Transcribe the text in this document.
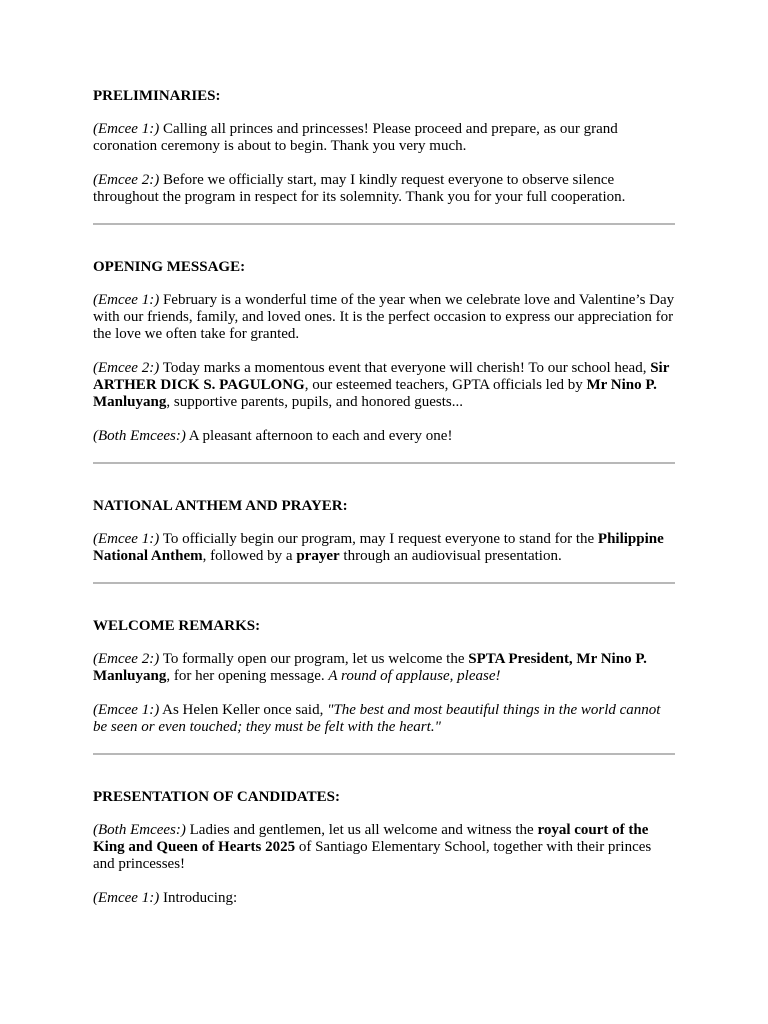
PRELIMINARIES:

(Emcee 1:) Calling all princes and princesses! Please proceed and prepare, as our grand coronation ceremony is about to begin. Thank you very much.

(Emcee 2:) Before we officially start, may I kindly request everyone to observe silence throughout the program in respect for its solemnity. Thank you for your full cooperation.

OPENING MESSAGE:

(Emcee 1:) February is a wonderful time of the year when we celebrate love and Valentine’s Day with our friends, family, and loved ones. It is the perfect occasion to express our appreciation for the love we often take for granted.

(Emcee 2:) Today marks a momentous event that everyone will cherish! To our school head, Sir ARTHER DICK S. PAGULONG, our esteemed teachers, GPTA officials led by Mr Nino P. Manluyang, supportive parents, pupils, and honored guests...

(Both Emcees:) A pleasant afternoon to each and every one!

NATIONAL ANTHEM AND PRAYER:

(Emcee 1:) To officially begin our program, may I request everyone to stand for the Philippine National Anthem, followed by a prayer through an audiovisual presentation.

WELCOME REMARKS:

(Emcee 2:) To formally open our program, let us welcome the SPTA President, Mr Nino P. Manluyang, for her opening message. A round of applause, please!

(Emcee 1:) As Helen Keller once said, "The best and most beautiful things in the world cannot be seen or even touched; they must be felt with the heart."

PRESENTATION OF CANDIDATES:

(Both Emcees:) Ladies and gentlemen, let us all welcome and witness the royal court of the King and Queen of Hearts 2025 of Santiago Elementary School, together with their princes and princesses!

(Emcee 1:) Introducing:
